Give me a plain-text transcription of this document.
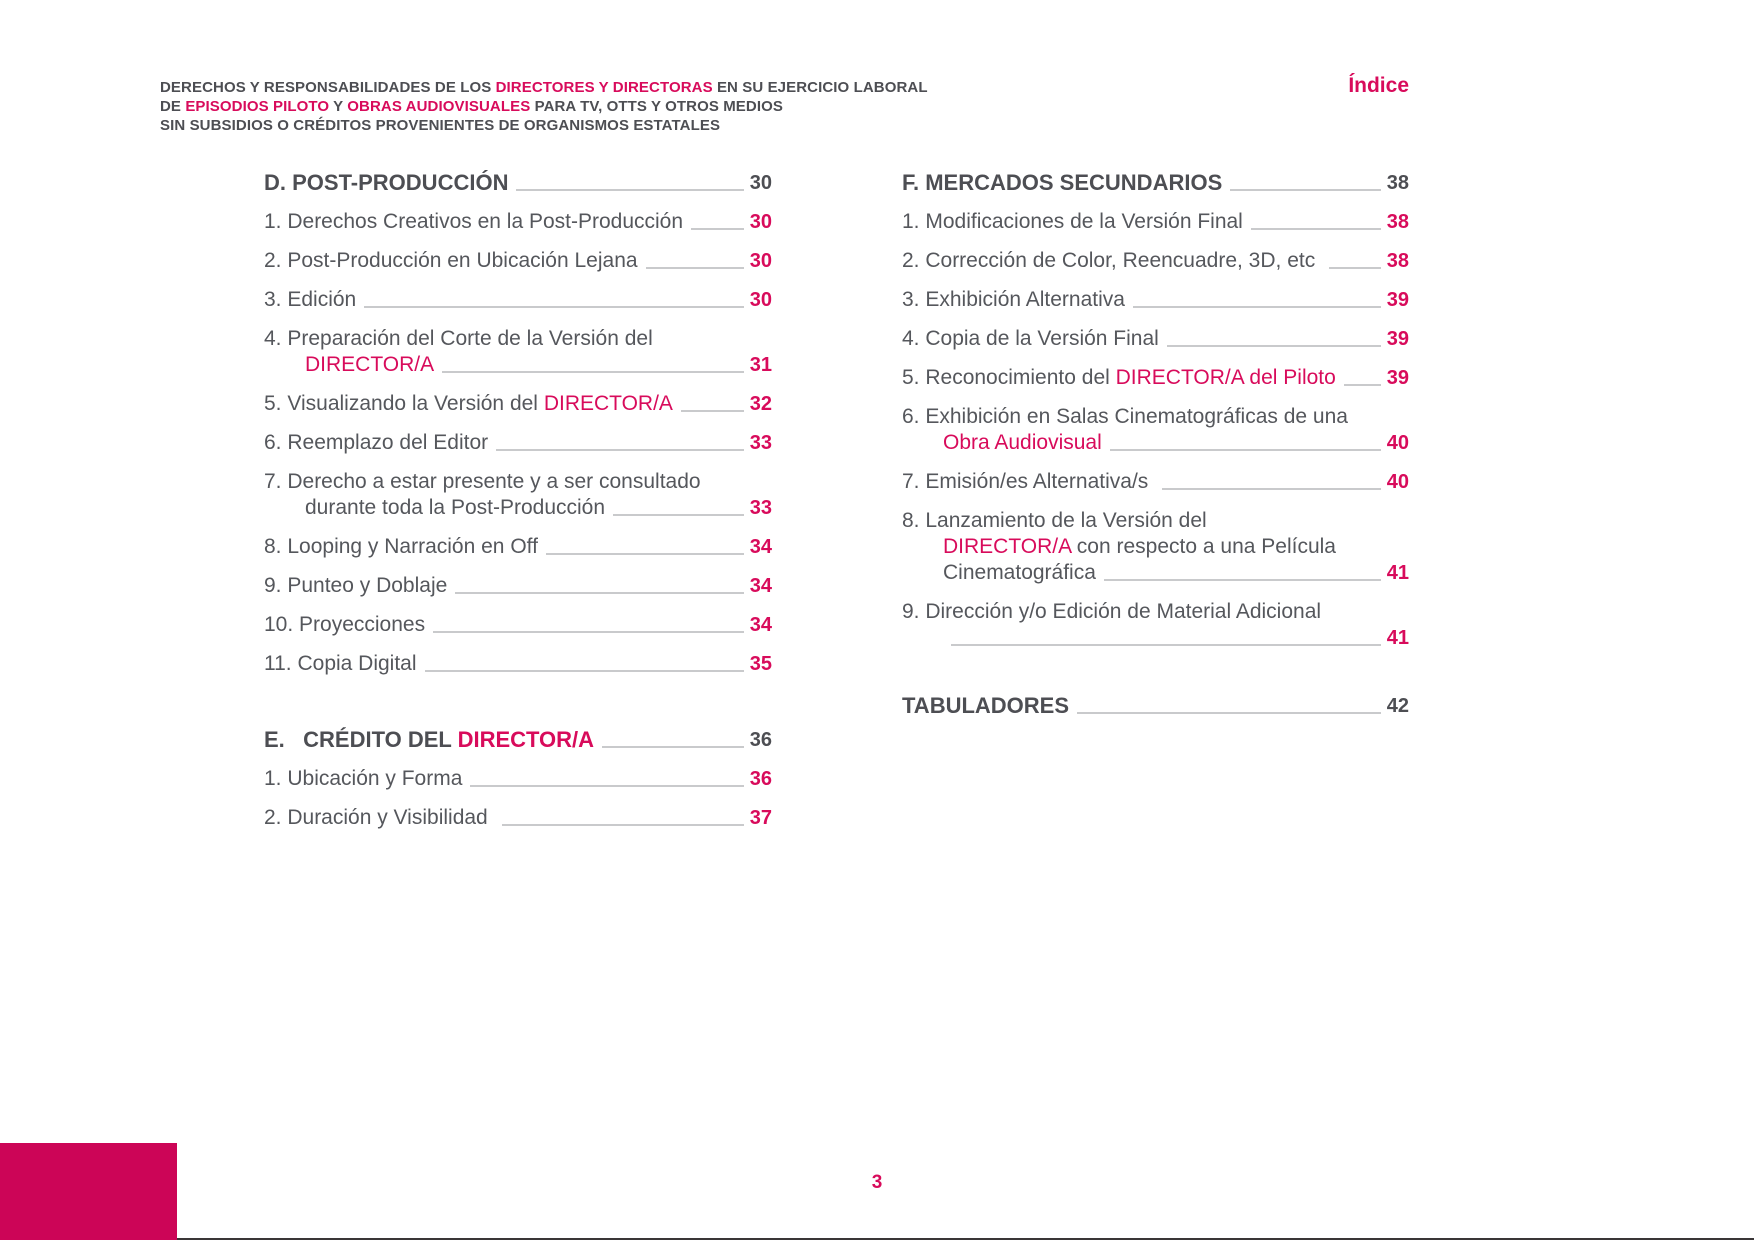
DERECHOS Y RESPONSABILIDADES DE LOS DIRECTORES Y DIRECTORAS EN SU EJERCICIO LABORAL
DE EPISODIOS PILOTO Y OBRAS AUDIOVISUALES PARA TV, OTTS Y OTROS MEDIOS
SIN SUBSIDIOS O CRÉDITOS PROVENIENTES DE ORGANISMOS ESTATALES
Índice
D. POST-PRODUCCIÓN	30
1. Derechos Creativos en la Post-Producción	30
2. Post-Producción en Ubicación Lejana	30
3. Edición	30
4. Preparación del Corte de la Versión del
DIRECTOR/A	31
5. Visualizando la Versión del DIRECTOR/A	32
6. Reemplazo del Editor	33
7. Derecho a estar presente y a ser consultado
durante toda la Post-Producción	33
8. Looping y Narración en Off	34
9. Punteo y Doblaje	34
10. Proyecciones	34
11. Copia Digital	35
E.   CRÉDITO DEL DIRECTOR/A	36
1. Ubicación y Forma	36
2. Duración y Visibilidad	37
F. MERCADOS SECUNDARIOS	38
1. Modificaciones de la Versión Final	38
2. Corrección de Color, Reencuadre, 3D, etc	38
3. Exhibición Alternativa	39
4. Copia de la Versión Final	39
5. Reconocimiento del DIRECTOR/A del Piloto	39
6. Exhibición en Salas Cinematográficas de una
Obra Audiovisual	40
7. Emisión/es Alternativa/s	40
8. Lanzamiento de la Versión del
DIRECTOR/A con respecto a una Película
Cinematográfica	41
9. Dirección y/o Edición de Material Adicional
41
TABULADORES	42
3
